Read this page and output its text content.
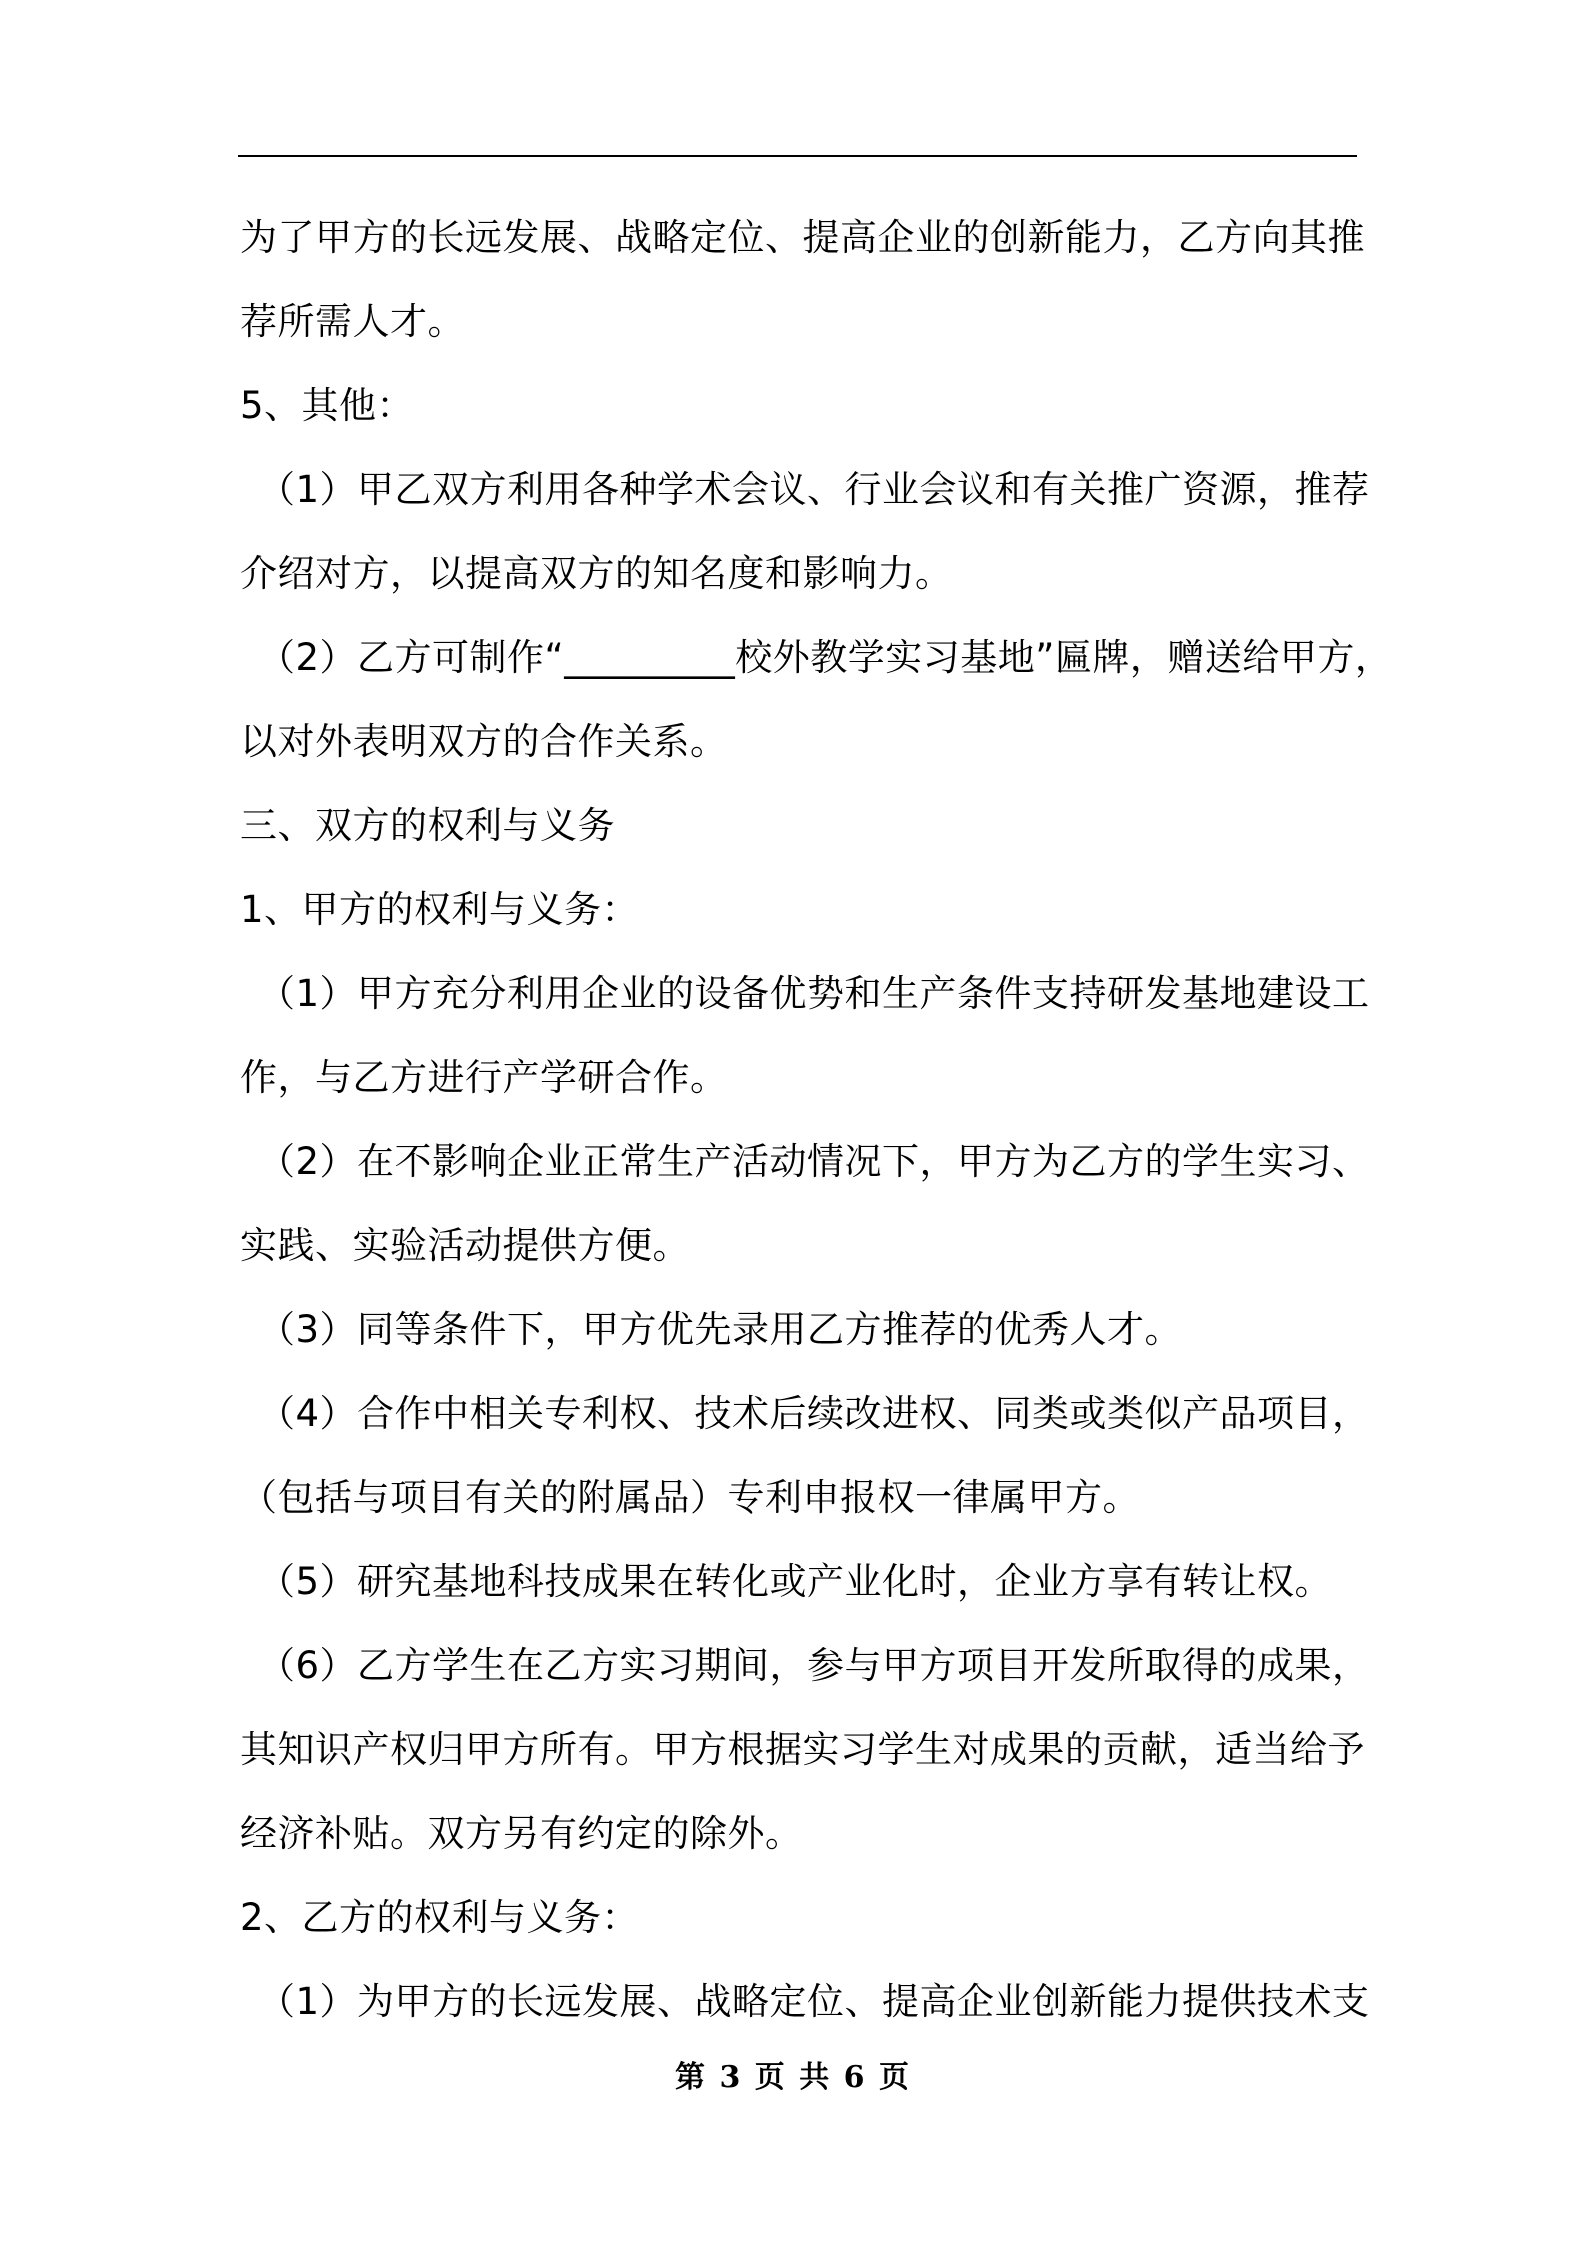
为了甲方的长远发展、战略定位、提高企业的创新能力，乙方向其推
荐所需人才。
5、其他：
（1）甲乙双方利用各种学术会议、行业会议和有关推广资源，推荐
介绍对方，以提高双方的知名度和影响力。
（2）乙方可制作“_________校外教学实习基地”匾牌，赠送给甲方，
以对外表明双方的合作关系。
三、双方的权利与义务
1、甲方的权利与义务：
（1）甲方充分利用企业的设备优势和生产条件支持研发基地建设工
作，与乙方进行产学研合作。
（2）在不影响企业正常生产活动情况下，甲方为乙方的学生实习、
实践、实验活动提供方便。
（3）同等条件下，甲方优先录用乙方推荐的优秀人才。
（4）合作中相关专利权、技术后续改进权、同类或类似产品项目，
（包括与项目有关的附属品）专利申报权一律属甲方。
（5）研究基地科技成果在转化或产业化时，企业方享有转让权。
（6）乙方学生在乙方实习期间，参与甲方项目开发所取得的成果，
其知识产权归甲方所有。甲方根据实习学生对成果的贡献，适当给予
经济补贴。双方另有约定的除外。
2、乙方的权利与义务：
（1）为甲方的长远发展、战略定位、提高企业创新能力提供技术支
第 3 页 共 6 页
